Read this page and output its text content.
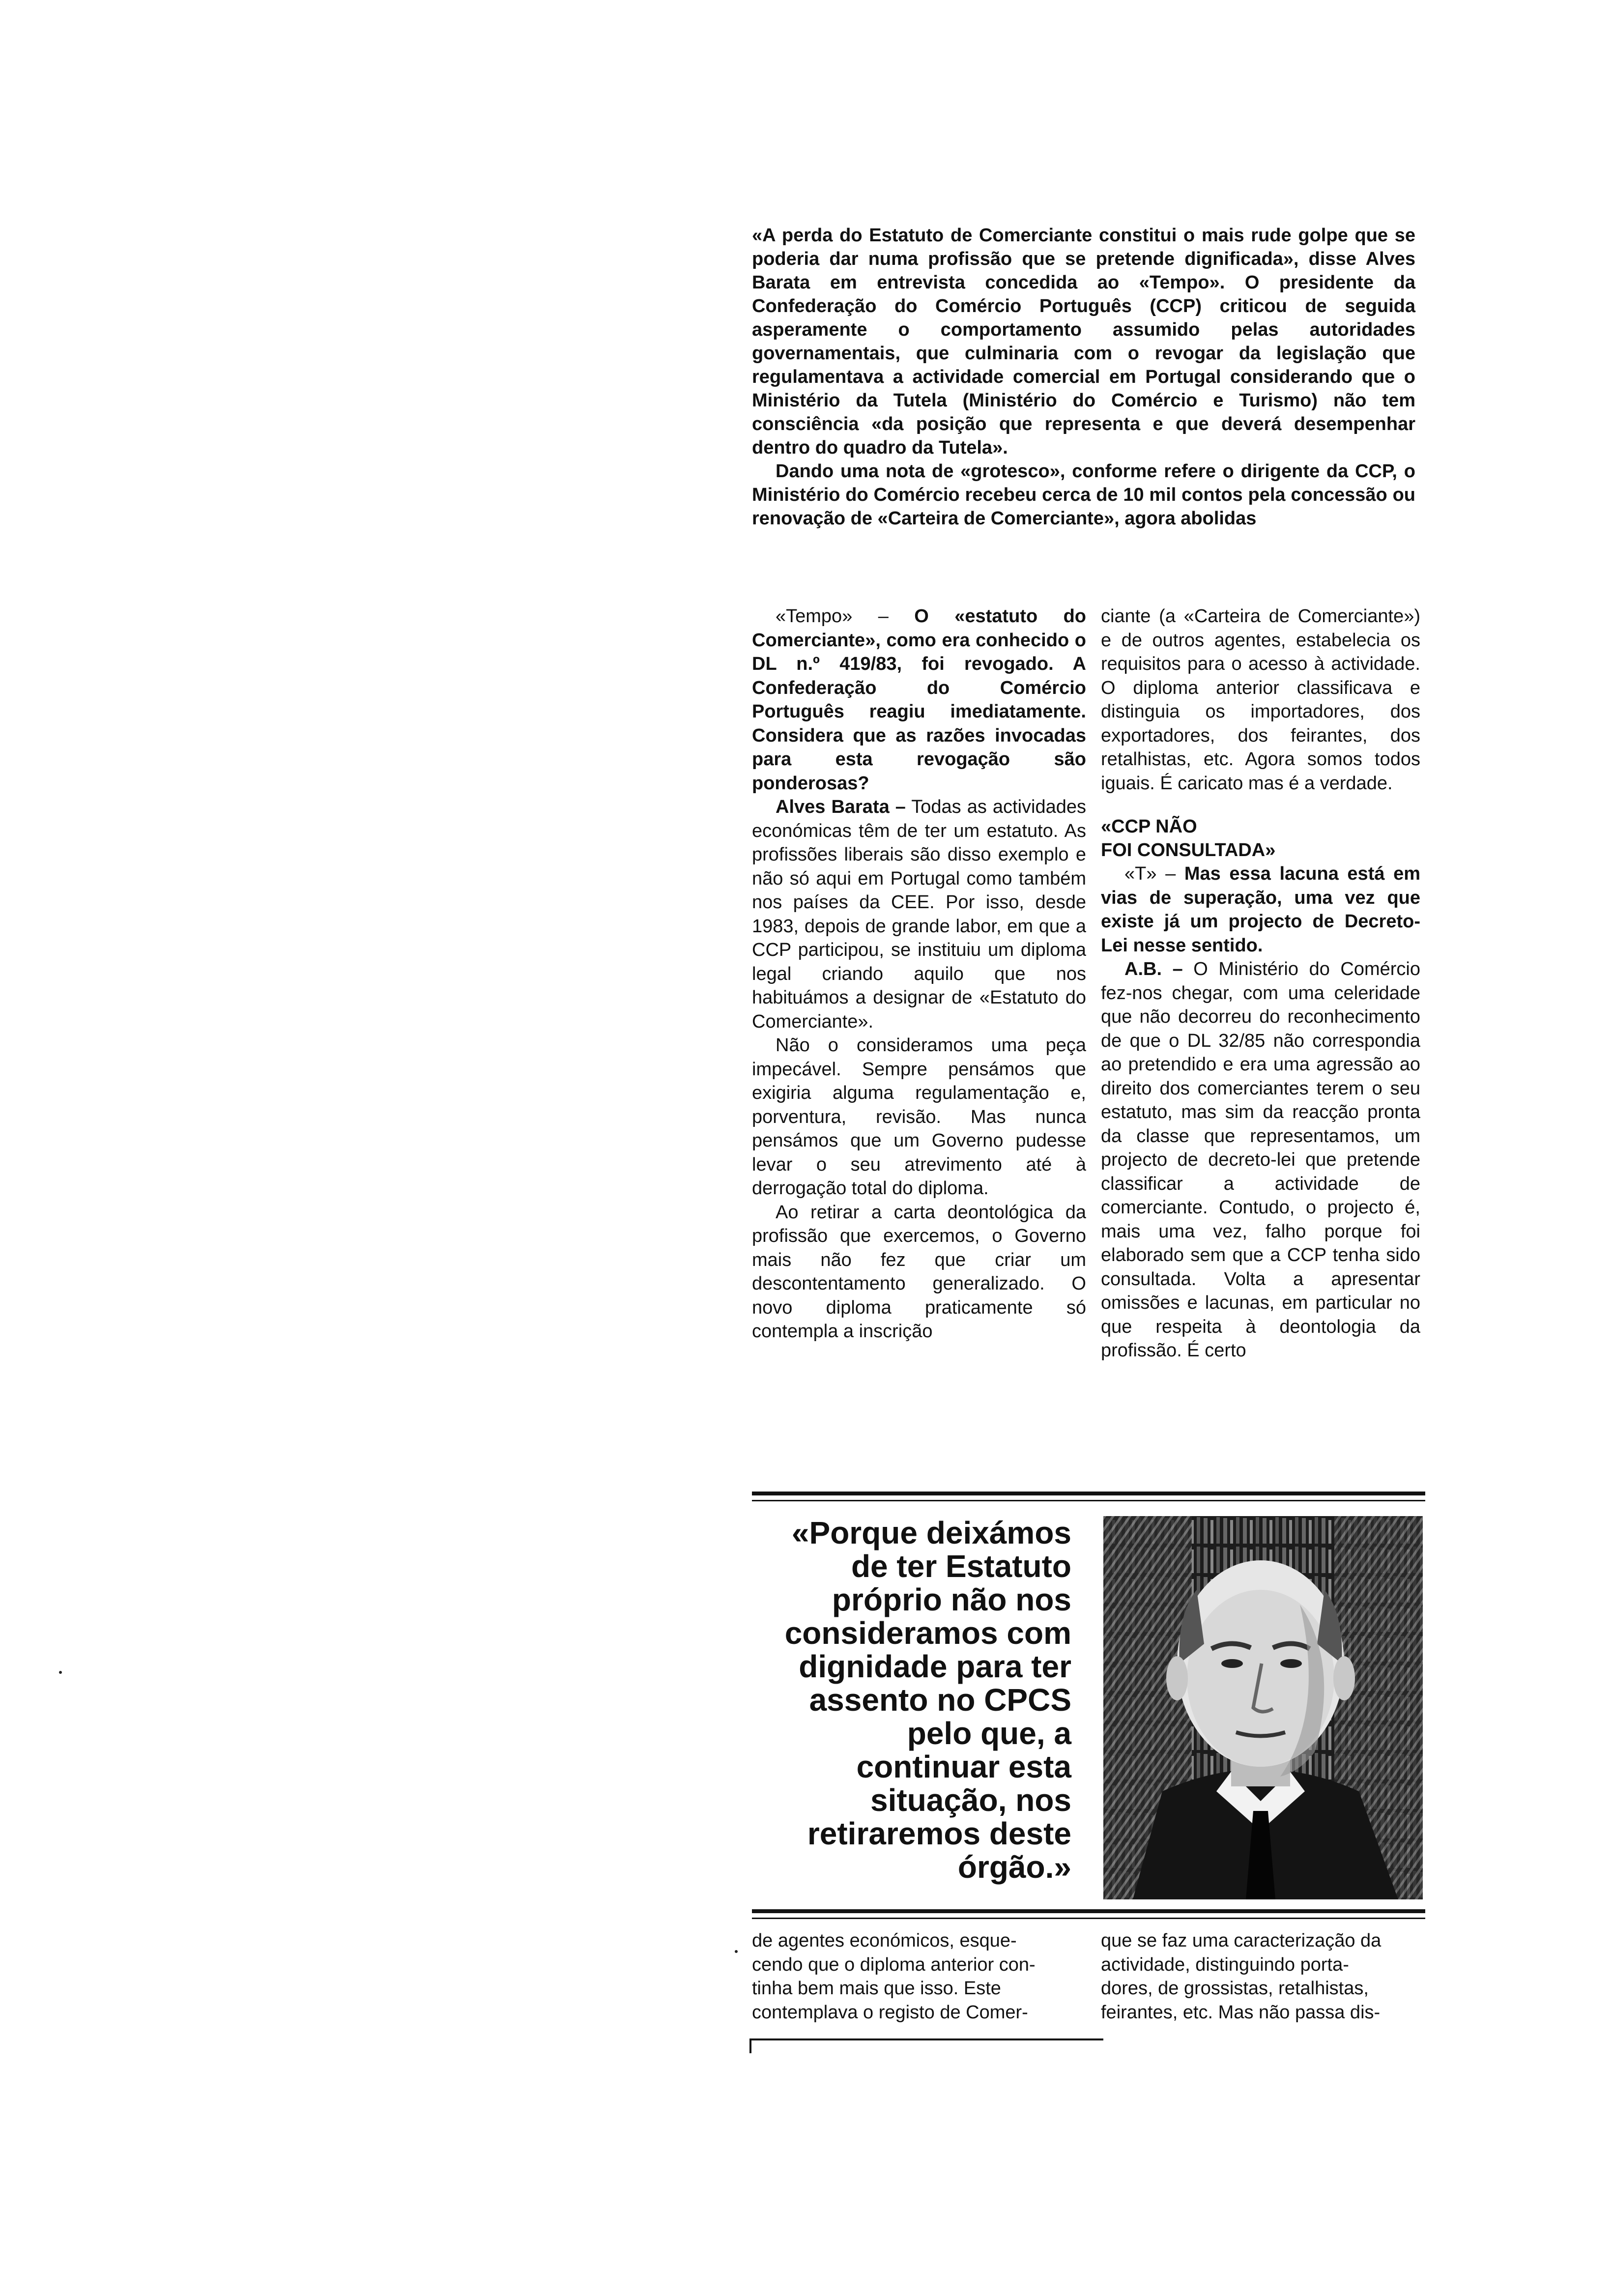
«A perda do Estatuto de Comerciante constitui o mais rude golpe que se poderia dar numa profissão que se pretende dignificada», disse Alves Barata em entrevista concedida ao «Tempo». O presidente da Confederação do Comércio Português (CCP) criticou de seguida asperamente o comportamento assumido pelas autoridades governamentais, que culminaria com o revogar da legislação que regulamentava a actividade comercial em Portugal considerando que o Ministério da Tutela (Ministério do Comércio e Turismo) não tem consciência «da posição que representa e que deverá desempenhar dentro do quadro da Tutela».

Dando uma nota de «grotesco», conforme refere o dirigente da CCP, o Ministério do Comércio recebeu cerca de 10 mil contos pela concessão ou renovação de «Carteira de Comerciante», agora abolidas

«Tempo» – O «estatuto do Comerciante», como era conhecido o DL n.º 419/83, foi revogado. A Confederação do Comércio Português reagiu imediatamente. Considera que as razões invocadas para esta revogação são ponderosas?

Alves Barata – Todas as actividades económicas têm de ter um estatuto. As profissões liberais são disso exemplo e não só aqui em Portugal como também nos países da CEE. Por isso, desde 1983, depois de grande labor, em que a CCP participou, se instituiu um diploma legal criando aquilo que nos habituámos a designar de «Estatuto do Comerciante».

Não o consideramos uma peça impecável. Sempre pensámos que exigiria alguma regulamentação e, porventura, revisão. Mas nunca pensámos que um Governo pudesse levar o seu atrevimento até à derrogação total do diploma.

Ao retirar a carta deontológica da profissão que exercemos, o Governo mais não fez que criar um descontentamento generalizado. O novo diploma praticamente só contempla a inscrição

ciante (a «Carteira de Comerciante») e de outros agentes, estabelecia os requisitos para o acesso à actividade. O diploma anterior classificava e distinguia os importadores, dos exportadores, dos feirantes, dos retalhistas, etc. Agora somos todos iguais. É caricato mas é a verdade.

«CCP NÃO
FOI CONSULTADA»

«T» – Mas essa lacuna está em vias de superação, uma vez que existe já um projecto de Decreto-Lei nesse sentido.

A.B. – O Ministério do Comércio fez-nos chegar, com uma celeridade que não decorreu do reconhecimento de que o DL 32/85 não correspondia ao pretendido e era uma agressão ao direito dos comerciantes terem o seu estatuto, mas sim da reacção pronta da classe que representamos, um projecto de decreto-lei que pretende classificar a actividade de comerciante. Contudo, o projecto é, mais uma vez, falho porque foi elaborado sem que a CCP tenha sido consultada. Volta a apresentar omissões e lacunas, em particular no que respeita à deontologia da profissão. É certo

«Porque deixámos
de ter Estatuto
próprio não nos
consideramos com
dignidade para ter
assento no CPCS
pelo que, a
continuar esta
situação, nos
retiraremos deste
órgão.»
de agentes económicos, esque-
cendo que o diploma anterior con-
tinha bem mais que isso. Este
contemplava o registo de Comer-
que se faz uma caracterização da
actividade, distinguindo porta-
dores, de grossistas, retalhistas,
feirantes, etc. Mas não passa dis-
